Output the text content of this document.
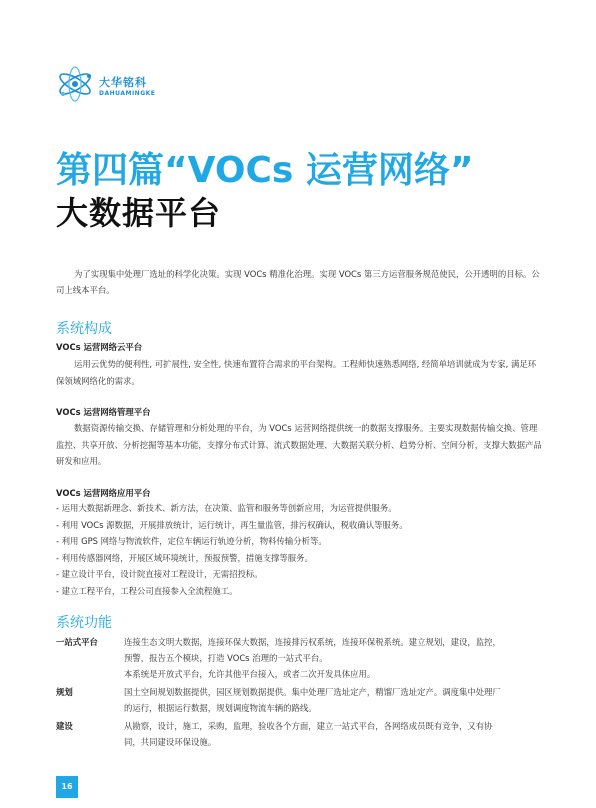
大华铭科
DAHUAMINGKE
第四篇“VOCs 运营网络”
大数据平台
为了实现集中处理厂选址的科学化决策。实现 VOCs 精准化治理。实现 VOCs 第三方运营服务规范使民，公开透明的目标。公司上线本平台。
系统构成
VOCs 运营网络云平台
运用云优势的便利性, 可扩展性, 安全性, 快速布置符合需求的平台架构。工程师快速熟悉网络, 经简单培训就成为专家, 满足环保领域网络化的需求。
VOCs 运营网络管理平台
数据资源传输交换、存储管理和分析处理的平台，为 VOCs 运营网络提供统一的数据支撑服务。主要实现数据传输交换、管理监控、共享开放、分析挖掘等基本功能，支撑分布式计算、流式数据处理、大数据关联分析、趋势分析、空间分析，支撑大数据产品研发和应用。
VOCs 运营网络应用平台
- 运用大数据新理念、新技术、新方法，在决策、监管和服务等创新应用，为运营提供服务。
- 利用 VOCs 源数据，开展排放统计，运行统计，再生量监管，排污权确认，税收确认等服务。
- 利用 GPS 网络与物流软件，定位车辆运行轨迹分析，物料传输分析等。
- 利用传感器网络，开展区域环境统计，预报预警，措施支撑等服务。
- 建立设计平台，设计院直接对工程设计，无需招投标。
- 建立工程平台，工程公司直接参入全流程施工。
系统功能
一站式平台	连接生态文明大数据，连接环保大数据，连接排污权系统，连接环保税系统。建立规划，建设，监控，
预警，报告五个模块，打造 VOCs 治理的一站式平台。
本系统是开放式平台，允许其他平台接入，或者二次开发具体应用。
规划	国土空间规划数据提供，园区规划数据提供。集中处理厂选址定产，精馏厂选址定产。调度集中处理厂
的运行，根据运行数据，规划调度物流车辆的路线。
建设	从勘察，设计，施工，采购，监理，验收各个方面，建立一站式平台，各网络成员既有竞争，又有协
同，共同建设环保设施。
16
